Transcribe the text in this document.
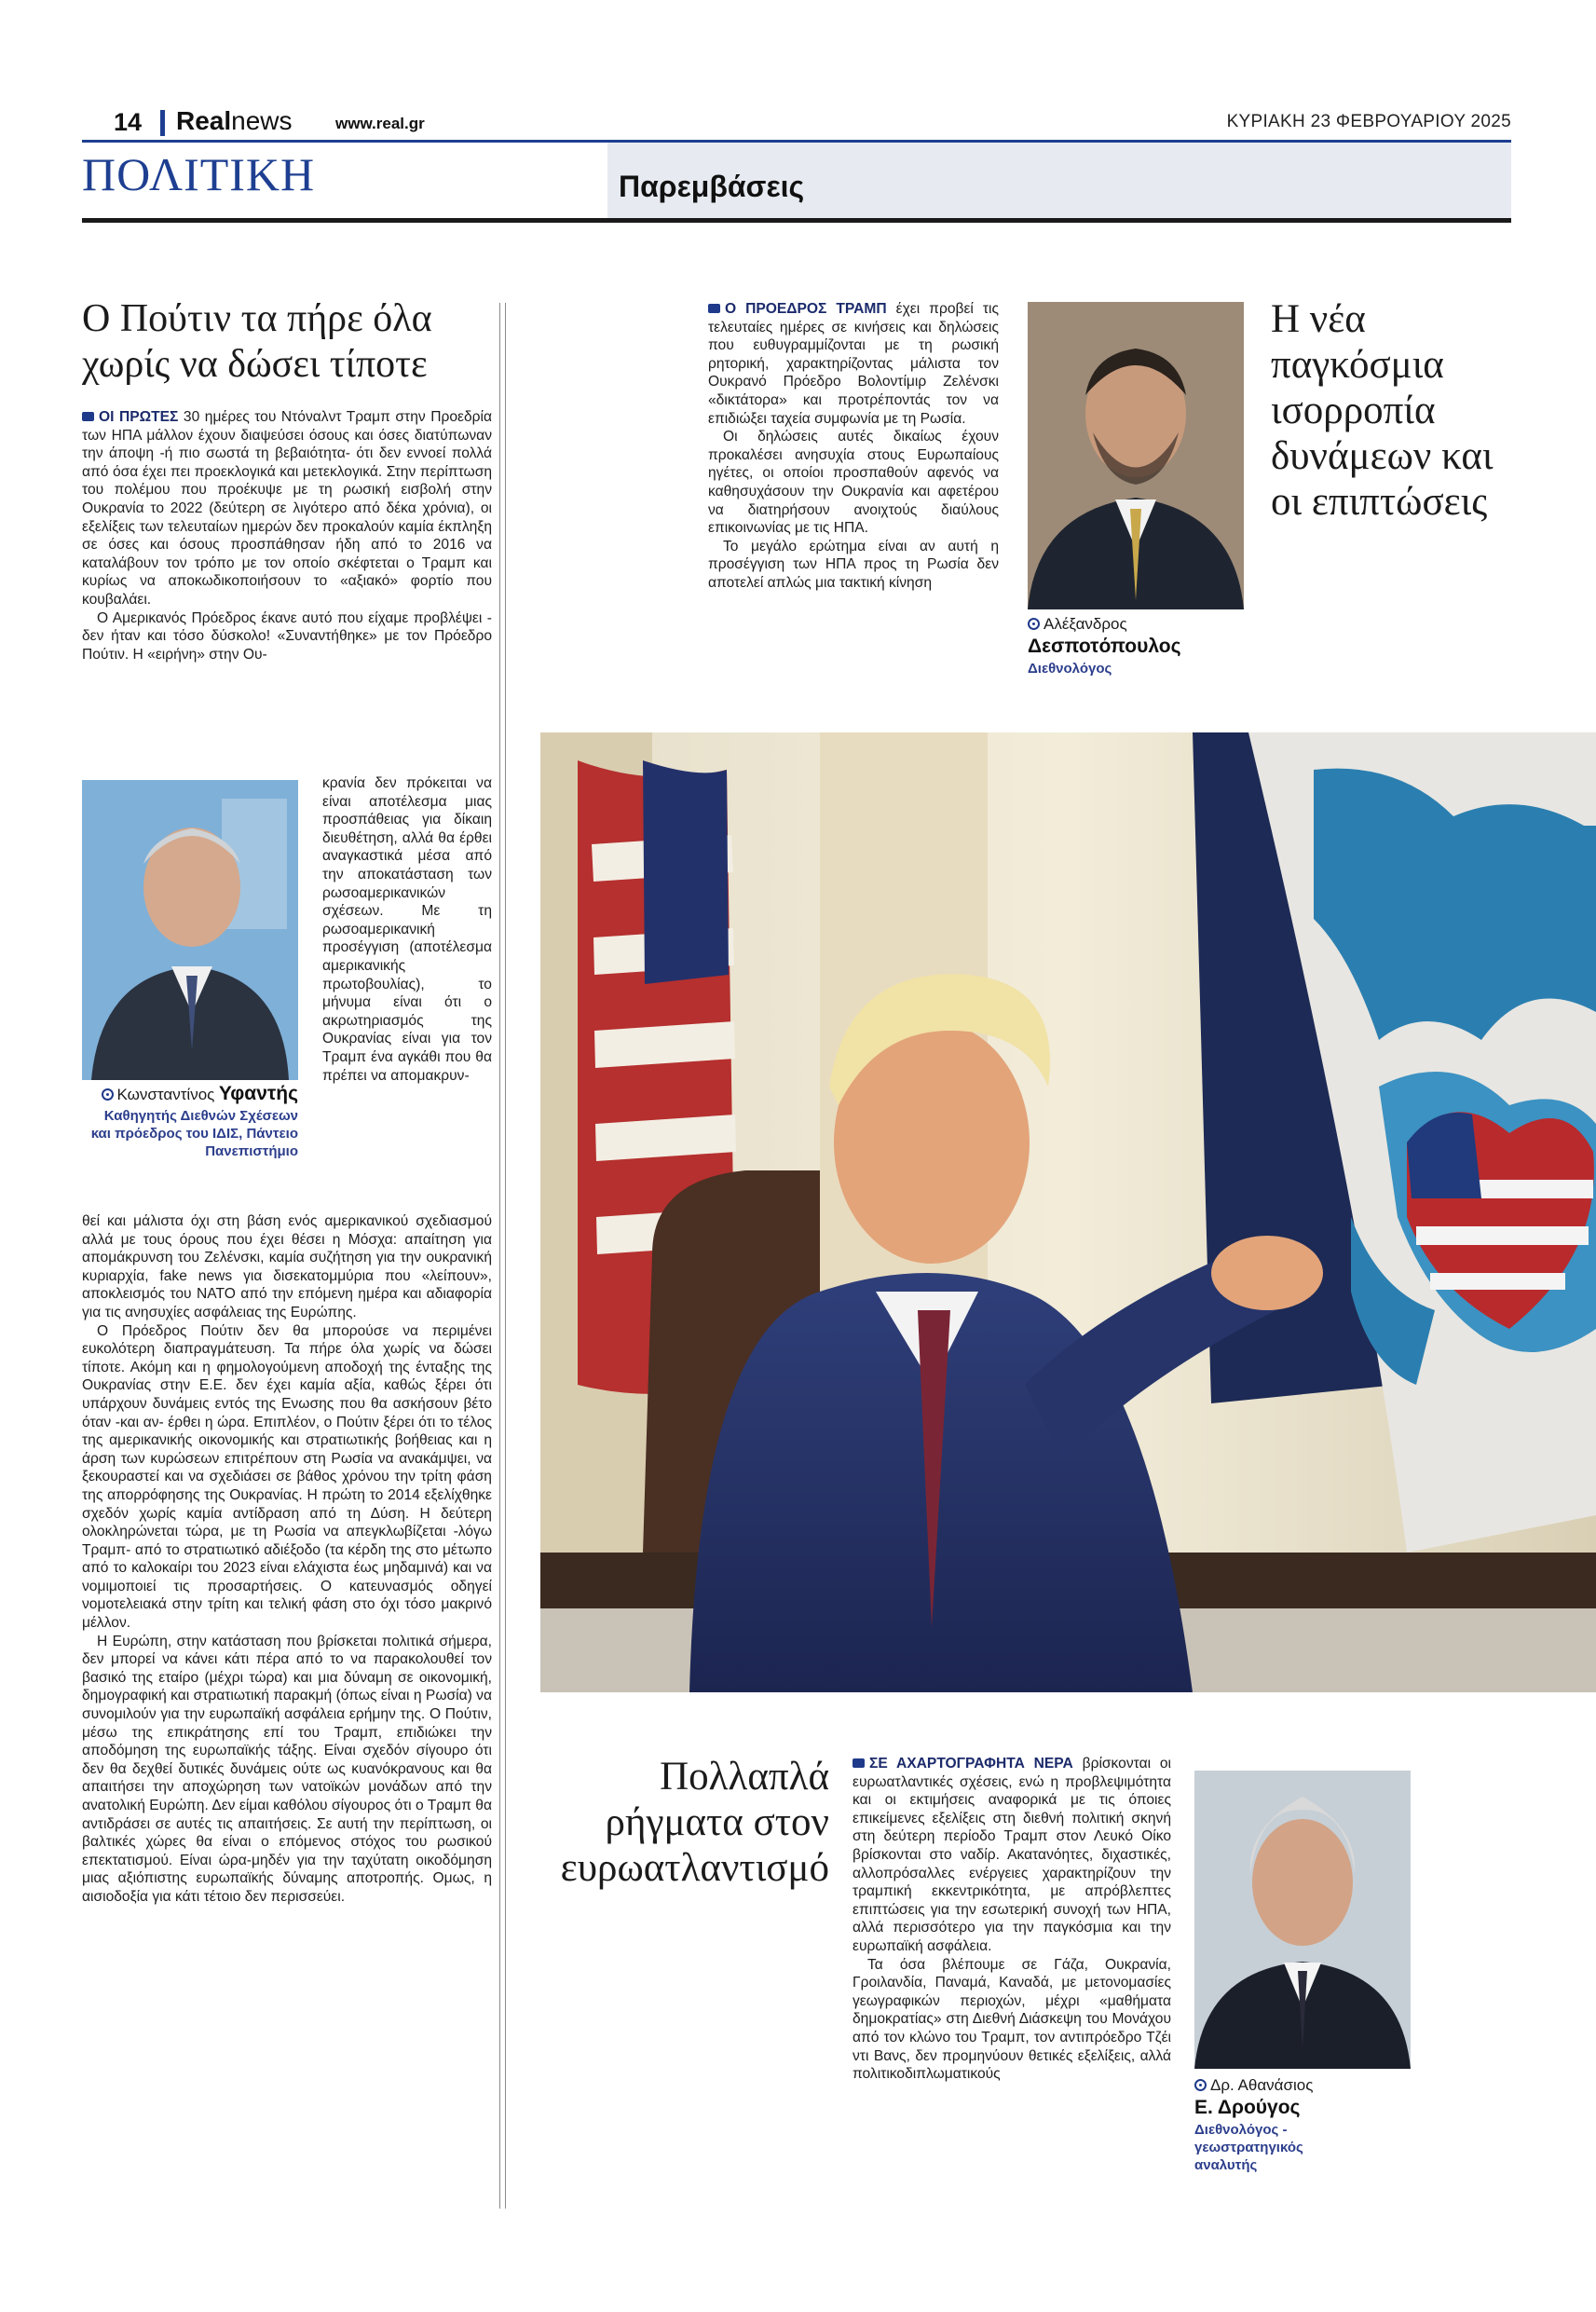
14 Realnews	www.real.gr	ΚΥΡΙΑΚΗ 23 ΦΕΒΡΟΥΑΡΙΟΥ 2025
ΠΟΛΙΤΙΚΗ	Παρεμβάσεις
Ο Πούτιν τα πήρε όλα χωρίς να δώσει τίποτε

ΟΙ ΠΡΩΤΕΣ 30 ημέρες του Ντόναλντ Τραμπ στην Προεδρία των ΗΠΑ μάλλον έχουν διαψεύσει όσους και όσες διατύπωναν την άποψη -ή πιο σωστά τη βεβαιότητα- ότι δεν εννοεί πολλά από όσα έχει πει προεκλογικά και μετεκλογικά. Στην περίπτωση του πολέμου που προέκυψε με τη ρωσική εισβολή στην Ουκρανία το 2022 (δεύτερη σε λιγότερο από δέκα χρόνια), οι εξελίξεις των τελευταίων ημερών δεν προκαλούν καμία έκπληξη σε όσες και όσους προσπάθησαν ήδη από το 2016 να καταλάβουν τον τρόπο με τον οποίο σκέφτεται ο Τραμπ και κυρίως να αποκωδικοποιήσουν το «αξιακό» φορτίο που κουβαλάει.

Ο Αμερικανός Πρόεδρος έκανε αυτό που είχαμε προβλέψει - δεν ήταν και τόσο δύσκολο! «Συναντήθηκε» με τον Πρόεδρο Πούτιν. Η «ειρήνη» στην Ου-

Κωνσταντίνος Υφαντής
Καθηγητής Διεθνών Σχέσεων και πρόεδρος του ΙΔΙΣ, Πάντειο Πανεπιστήμιο

κρανία δεν πρόκειται να είναι αποτέλεσμα μιας προσπάθειας για δίκαιη διευθέτηση, αλλά θα έρθει αναγκαστικά μέσα από την αποκατάσταση των ρωσοαμερικανικών σχέσεων. Με τη ρωσοαμερικανική προσέγγιση (αποτέλεσμα αμερικανικής πρωτοβουλίας), το μήνυμα είναι ότι ο ακρωτηριασμός της Ουκρανίας είναι για τον Τραμπ ένα αγκάθι που θα πρέπει να απομακρυν-

θεί και μάλιστα όχι στη βάση ενός αμερικανικού σχεδιασμού αλλά με τους όρους που έχει θέσει η Μόσχα: απαίτηση για απομάκρυνση του Ζελένσκι, καμία συζήτηση για την ουκρανική κυριαρχία, fake news για δισεκατομμύρια που «λείπουν», αποκλεισμός του ΝΑΤΟ από την επόμενη ημέρα και αδιαφορία για τις ανησυχίες ασφάλειας της Ευρώπης.

Ο Πρόεδρος Πούτιν δεν θα μπορούσε να περιμένει ευκολότερη διαπραγμάτευση. Τα πήρε όλα χωρίς να δώσει τίποτε. Ακόμη και η φημολογούμενη αποδοχή της ένταξης της Ουκρανίας στην Ε.Ε. δεν έχει καμία αξία, καθώς ξέρει ότι υπάρχουν δυνάμεις εντός της Ενωσης που θα ασκήσουν βέτο όταν -και αν- έρθει η ώρα. Επιπλέον, ο Πούτιν ξέρει ότι το τέλος της αμερικανικής οικονομικής και στρατιωτικής βοήθειας και η άρση των κυρώσεων επιτρέπουν στη Ρωσία να ανακάμψει, να ξεκουραστεί και να σχεδιάσει σε βάθος χρόνου την τρίτη φάση της απορρόφησης της Ουκρανίας. Η πρώτη το 2014 εξελίχθηκε σχεδόν χωρίς καμία αντίδραση από τη Δύση. Η δεύτερη ολοκληρώνεται τώρα, με τη Ρωσία να απεγκλωβίζεται -λόγω Τραμπ- από το στρατιωτικό αδιέξοδο (τα κέρδη της στο μέτωπο από το καλοκαίρι του 2023 είναι ελάχιστα έως μηδαμινά) και να νομιμοποιεί τις προσαρτήσεις. Ο κατευνασμός οδηγεί νομοτελειακά στην τρίτη και τελική φάση στο όχι τόσο μακρινό μέλλον.

Η Ευρώπη, στην κατάσταση που βρίσκεται πολιτικά σήμερα, δεν μπορεί να κάνει κάτι πέρα από το να παρακολουθεί τον βασικό της εταίρο (μέχρι τώρα) και μια δύναμη σε οικονομική, δημογραφική και στρατιωτική παρακμή (όπως είναι η Ρωσία) να συνομιλούν για την ευρωπαϊκή ασφάλεια ερήμην της. Ο Πούτιν, μέσω της επικράτησης επί του Τραμπ, επιδιώκει την αποδόμηση της ευρωπαϊκής τάξης. Είναι σχεδόν σίγουρο ότι δεν θα δεχθεί δυτικές δυνάμεις ούτε ως κυανόκρανους και θα απαιτήσει την αποχώρηση των νατοϊκών μονάδων από την ανατολική Ευρώπη. Δεν είμαι καθόλου σίγουρος ότι ο Τραμπ θα αντιδράσει σε αυτές τις απαιτήσεις. Σε αυτή την περίπτωση, οι βαλτικές χώρες θα είναι ο επόμενος στόχος του ρωσικού επεκτατισμού. Είναι ώρα-μηδέν για την ταχύτατη οικοδόμηση μιας αξιόπιστης ευρωπαϊκής δύναμης αποτροπής. Ομως, η αισιοδοξία για κάτι τέτοιο δεν περισσεύει.

Ο ΠΡΟΕΔΡΟΣ ΤΡΑΜΠ έχει προβεί τις τελευταίες ημέρες σε κινήσεις και δηλώσεις που ευθυγραμμίζονται με τη ρωσική ρητορική, χαρακτηρίζοντας μάλιστα τον Ουκρανό Πρόεδρο Βολοντίμιρ Ζελένσκι «δικτάτορα» και προτρέποντάς τον να επιδιώξει ταχεία συμφωνία με τη Ρωσία.

Οι δηλώσεις αυτές δικαίως έχουν προκαλέσει ανησυχία στους Ευρωπαίους ηγέτες, οι οποίοι προσπαθούν αφενός να καθησυχάσουν την Ουκρανία και αφετέρου να διατηρήσουν ανοιχτούς διαύλους επικοινωνίας με τις ΗΠΑ.

Το μεγάλο ερώτημα είναι αν αυτή η προσέγγιση των ΗΠΑ προς τη Ρωσία δεν αποτελεί απλώς μια τακτική κίνηση

Αλέξανδρος
Δεσποτόπουλος
Διεθνολόγος
Η νέα παγκόσμια ισορροπία δυνάμεων και οι επιπτώσεις
Πολλαπλά ρήγματα στον ευρωατλαντισμό

ΣΕ ΑΧΑΡΤΟΓΡΑΦΗΤΑ ΝΕΡΑ βρίσκονται οι ευρωατλαντικές σχέσεις, ενώ η προβλεψιμότητα και οι εκτιμήσεις αναφορικά με τις όποιες επικείμενες εξελίξεις στη διεθνή πολιτική σκηνή στη δεύτερη περίοδο Τραμπ στον Λευκό Οίκο βρίσκονται στο ναδίρ. Ακατανόητες, διχαστικές, αλλοπρόσαλλες ενέργειες χαρακτηρίζουν την τραμπική εκκεντρικότητα, με απρόβλεπτες επιπτώσεις για την εσωτερική συνοχή των ΗΠΑ, αλλά περισσότερο για την παγκόσμια και την ευρωπαϊκή ασφάλεια.

Τα όσα βλέπουμε σε Γάζα, Ουκρανία, Γροιλανδία, Παναμά, Καναδά, με μετονομασίες γεωγραφικών περιοχών, μέχρι «μαθήματα δημοκρατίας» στη Διεθνή Διάσκεψη του Μονάχου από τον κλώνο του Τραμπ, τον αντιπρόεδρο Τζέι ντι Βανς, δεν προμηνύουν θετικές εξελίξεις, αλλά πολιτικοδιπλωματικούς

Δρ. Αθανάσιος
Ε. Δρούγος
Διεθνολόγος - γεωστρατηγικός αναλυτής
